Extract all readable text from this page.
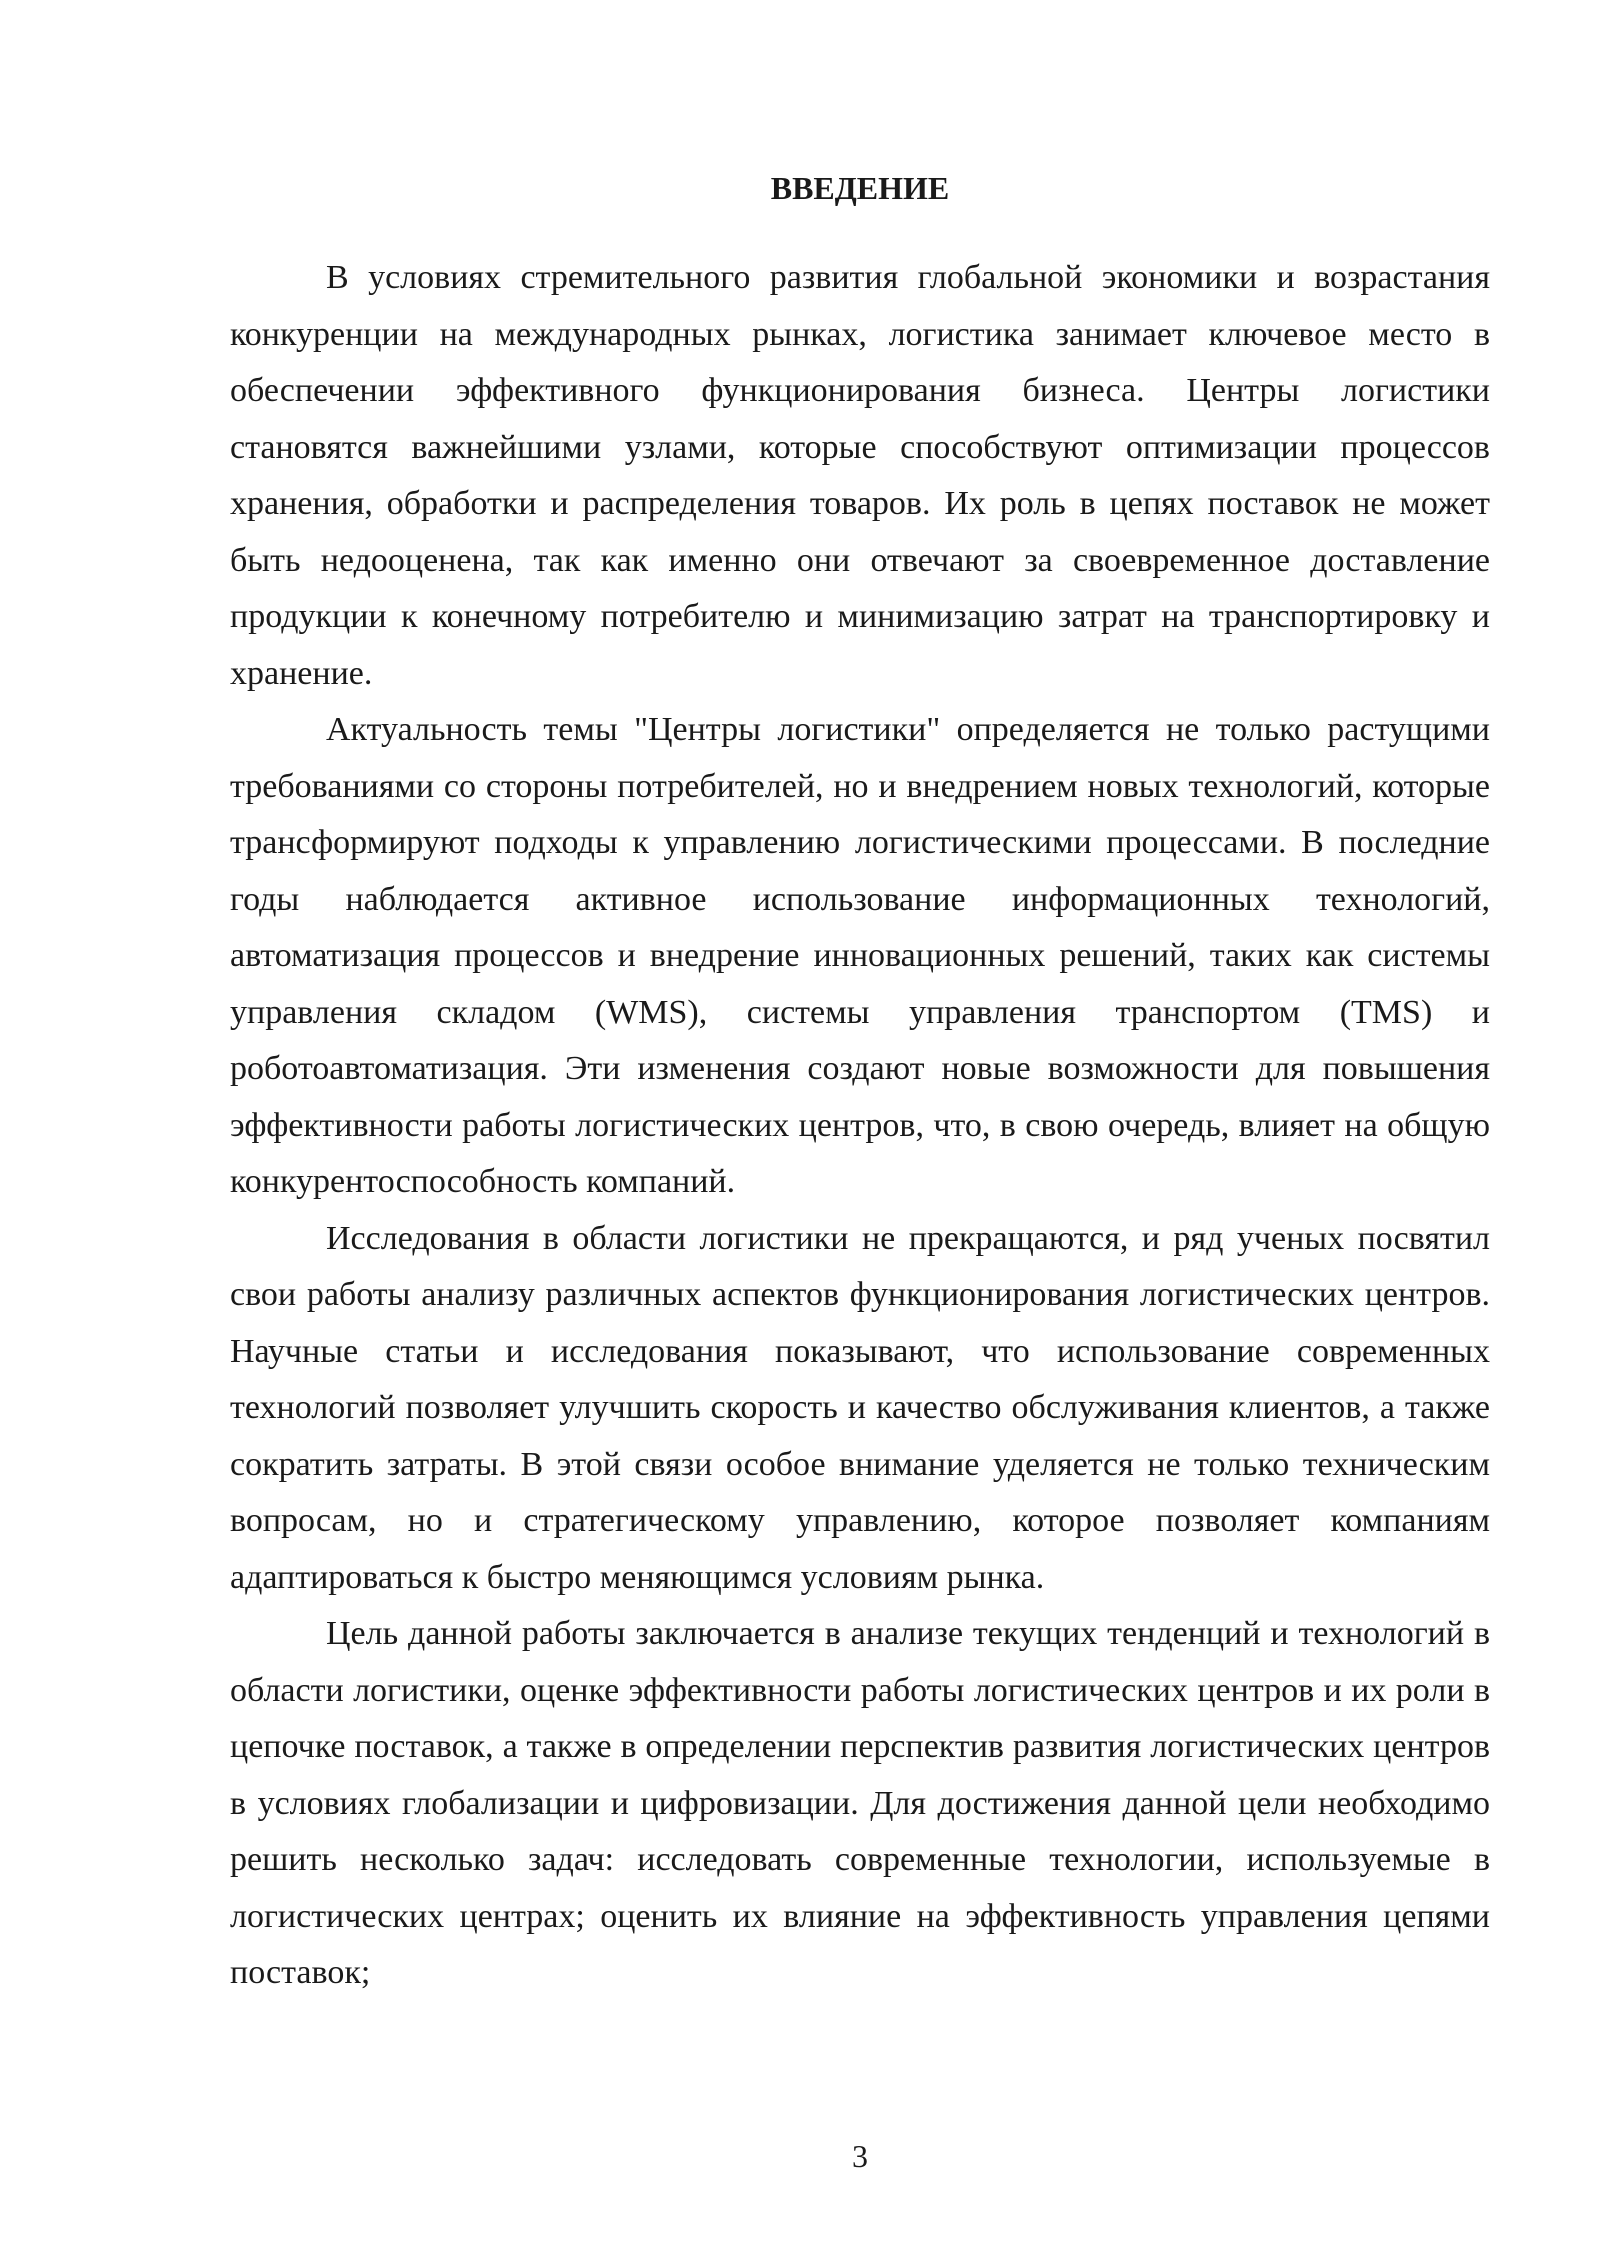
ВВЕДЕНИЕ

В условиях стремительного развития глобальной экономики и возрастания конкуренции на международных рынках, логистика занимает ключевое место в обеспечении эффективного функционирования бизнеса. Центры логистики становятся важнейшими узлами, которые способствуют оптимизации процессов хранения, обработки и распределения товаров. Их роль в цепях поставок не может быть недооценена, так как именно они отвечают за своевременное доставление продукции к конечному потребителю и минимизацию затрат на транспортировку и хранение.

Актуальность темы "Центры логистики" определяется не только растущими требованиями со стороны потребителей, но и внедрением новых технологий, которые трансформируют подходы к управлению логистическими процессами. В последние годы наблюдается активное использование информационных технологий, автоматизация процессов и внедрение инновационных решений, таких как системы управления складом (WMS), системы управления транспортом (TMS) и роботоавтоматизация. Эти изменения создают новые возможности для повышения эффективности работы логистических центров, что, в свою очередь, влияет на общую конкурентоспособность компаний.

Исследования в области логистики не прекращаются, и ряд ученых посвятил свои работы анализу различных аспектов функционирования логистических центров. Научные статьи и исследования показывают, что использование современных технологий позволяет улучшить скорость и качество обслуживания клиентов, а также сократить затраты. В этой связи особое внимание уделяется не только техническим вопросам, но и стратегическому управлению, которое позволяет компаниям адаптироваться к быстро меняющимся условиям рынка.

Цель данной работы заключается в анализе текущих тенденций и технологий в области логистики, оценке эффективности работы логистических центров и их роли в цепочке поставок, а также в определении перспектив развития логистических центров в условиях глобализации и цифровизации. Для достижения данной цели необходимо решить несколько задач: исследовать современные технологии, используемые в логистических центрах; оценить их влияние на эффективность управления цепями поставок;

3
